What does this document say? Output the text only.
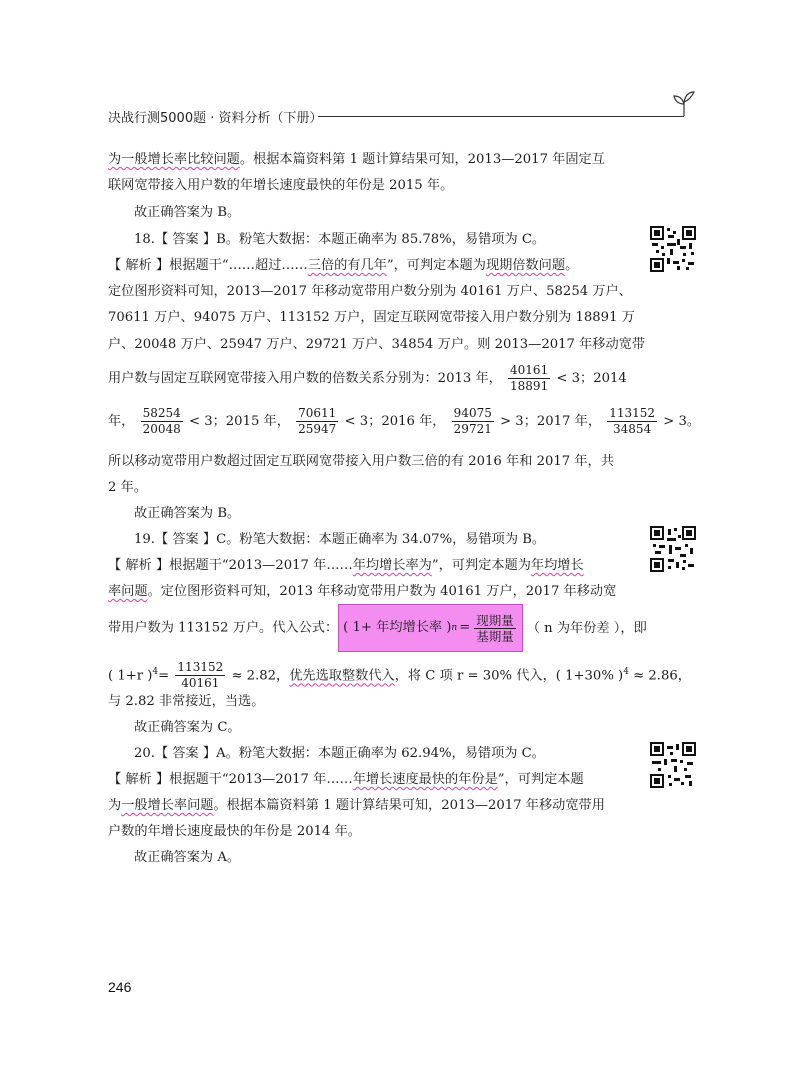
决战行测5000题 · 资料分析（下册）
为一般增长率比较问题。根据本篇资料第 1 题计算结果可知，2013—2017 年固定互
联网宽带接入用户数的年增长速度最快的年份是 2015 年。
故正确答案为 B。
18.【 答案 】B。粉笔大数据：本题正确率为 85.78%，易错项为 C。
【 解析 】根据题干“……超过……三倍的有几年”，可判定本题为现期倍数问题。
定位图形资料可知，2013—2017 年移动宽带用户数分别为 40161 万户、58254 万户、
70611 万户、94075 万户、113152 万户，固定互联网宽带接入用户数分别为 18891 万
户、20048 万户、25947 万户、29721 万户、34854 万户。则 2013—2017 年移动宽带
用户数与固定互联网宽带接入用户数的倍数关系分别为：2013 年， $\frac{40161}{18891} < 3$；2014
年， $\frac{58254}{20048} < 3$；2015 年， $\frac{70611}{25947} < 3$；2016 年， $\frac{94075}{29721} > 3$；2017 年， $\frac{113152}{34854} > 3$。
所以移动宽带用户数超过固定互联网宽带接入用户数三倍的有 2016 年和 2017 年，共
2 年。
故正确答案为 B。
19.【 答案 】C。粉笔大数据：本题正确率为 34.07%，易错项为 B。
【 解析 】根据题干“2013—2017 年……年均增长率为”，可判定本题为年均增长
率问题。定位图形资料可知，2013 年移动宽带用户数为 40161 万户，2017 年移动宽
带用户数为 113152 万户。代入公式： ( 1+ 年均增长率 ) $n = \frac{\text{现期量}}{\text{基期量}}$ （ n 为年份差 ），即
( 1+r )$^4= \frac{113152}{40161} \approx 2.82$，优先选取整数代入，将 C 项 r = 30% 代入，( 1+30% )$^4$ ≈ 2.86，
与 2.82 非常接近，当选。
故正确答案为 C。
20.【 答案 】A。粉笔大数据：本题正确率为 62.94%，易错项为 C。
【 解析 】根据题干“2013—2017 年……年增长速度最快的年份是”，可判定本题
为一般增长率问题。根据本篇资料第 1 题计算结果可知，2013—2017 年移动宽带用
户数的年增长速度最快的年份是 2014 年。
故正确答案为 A。
246
